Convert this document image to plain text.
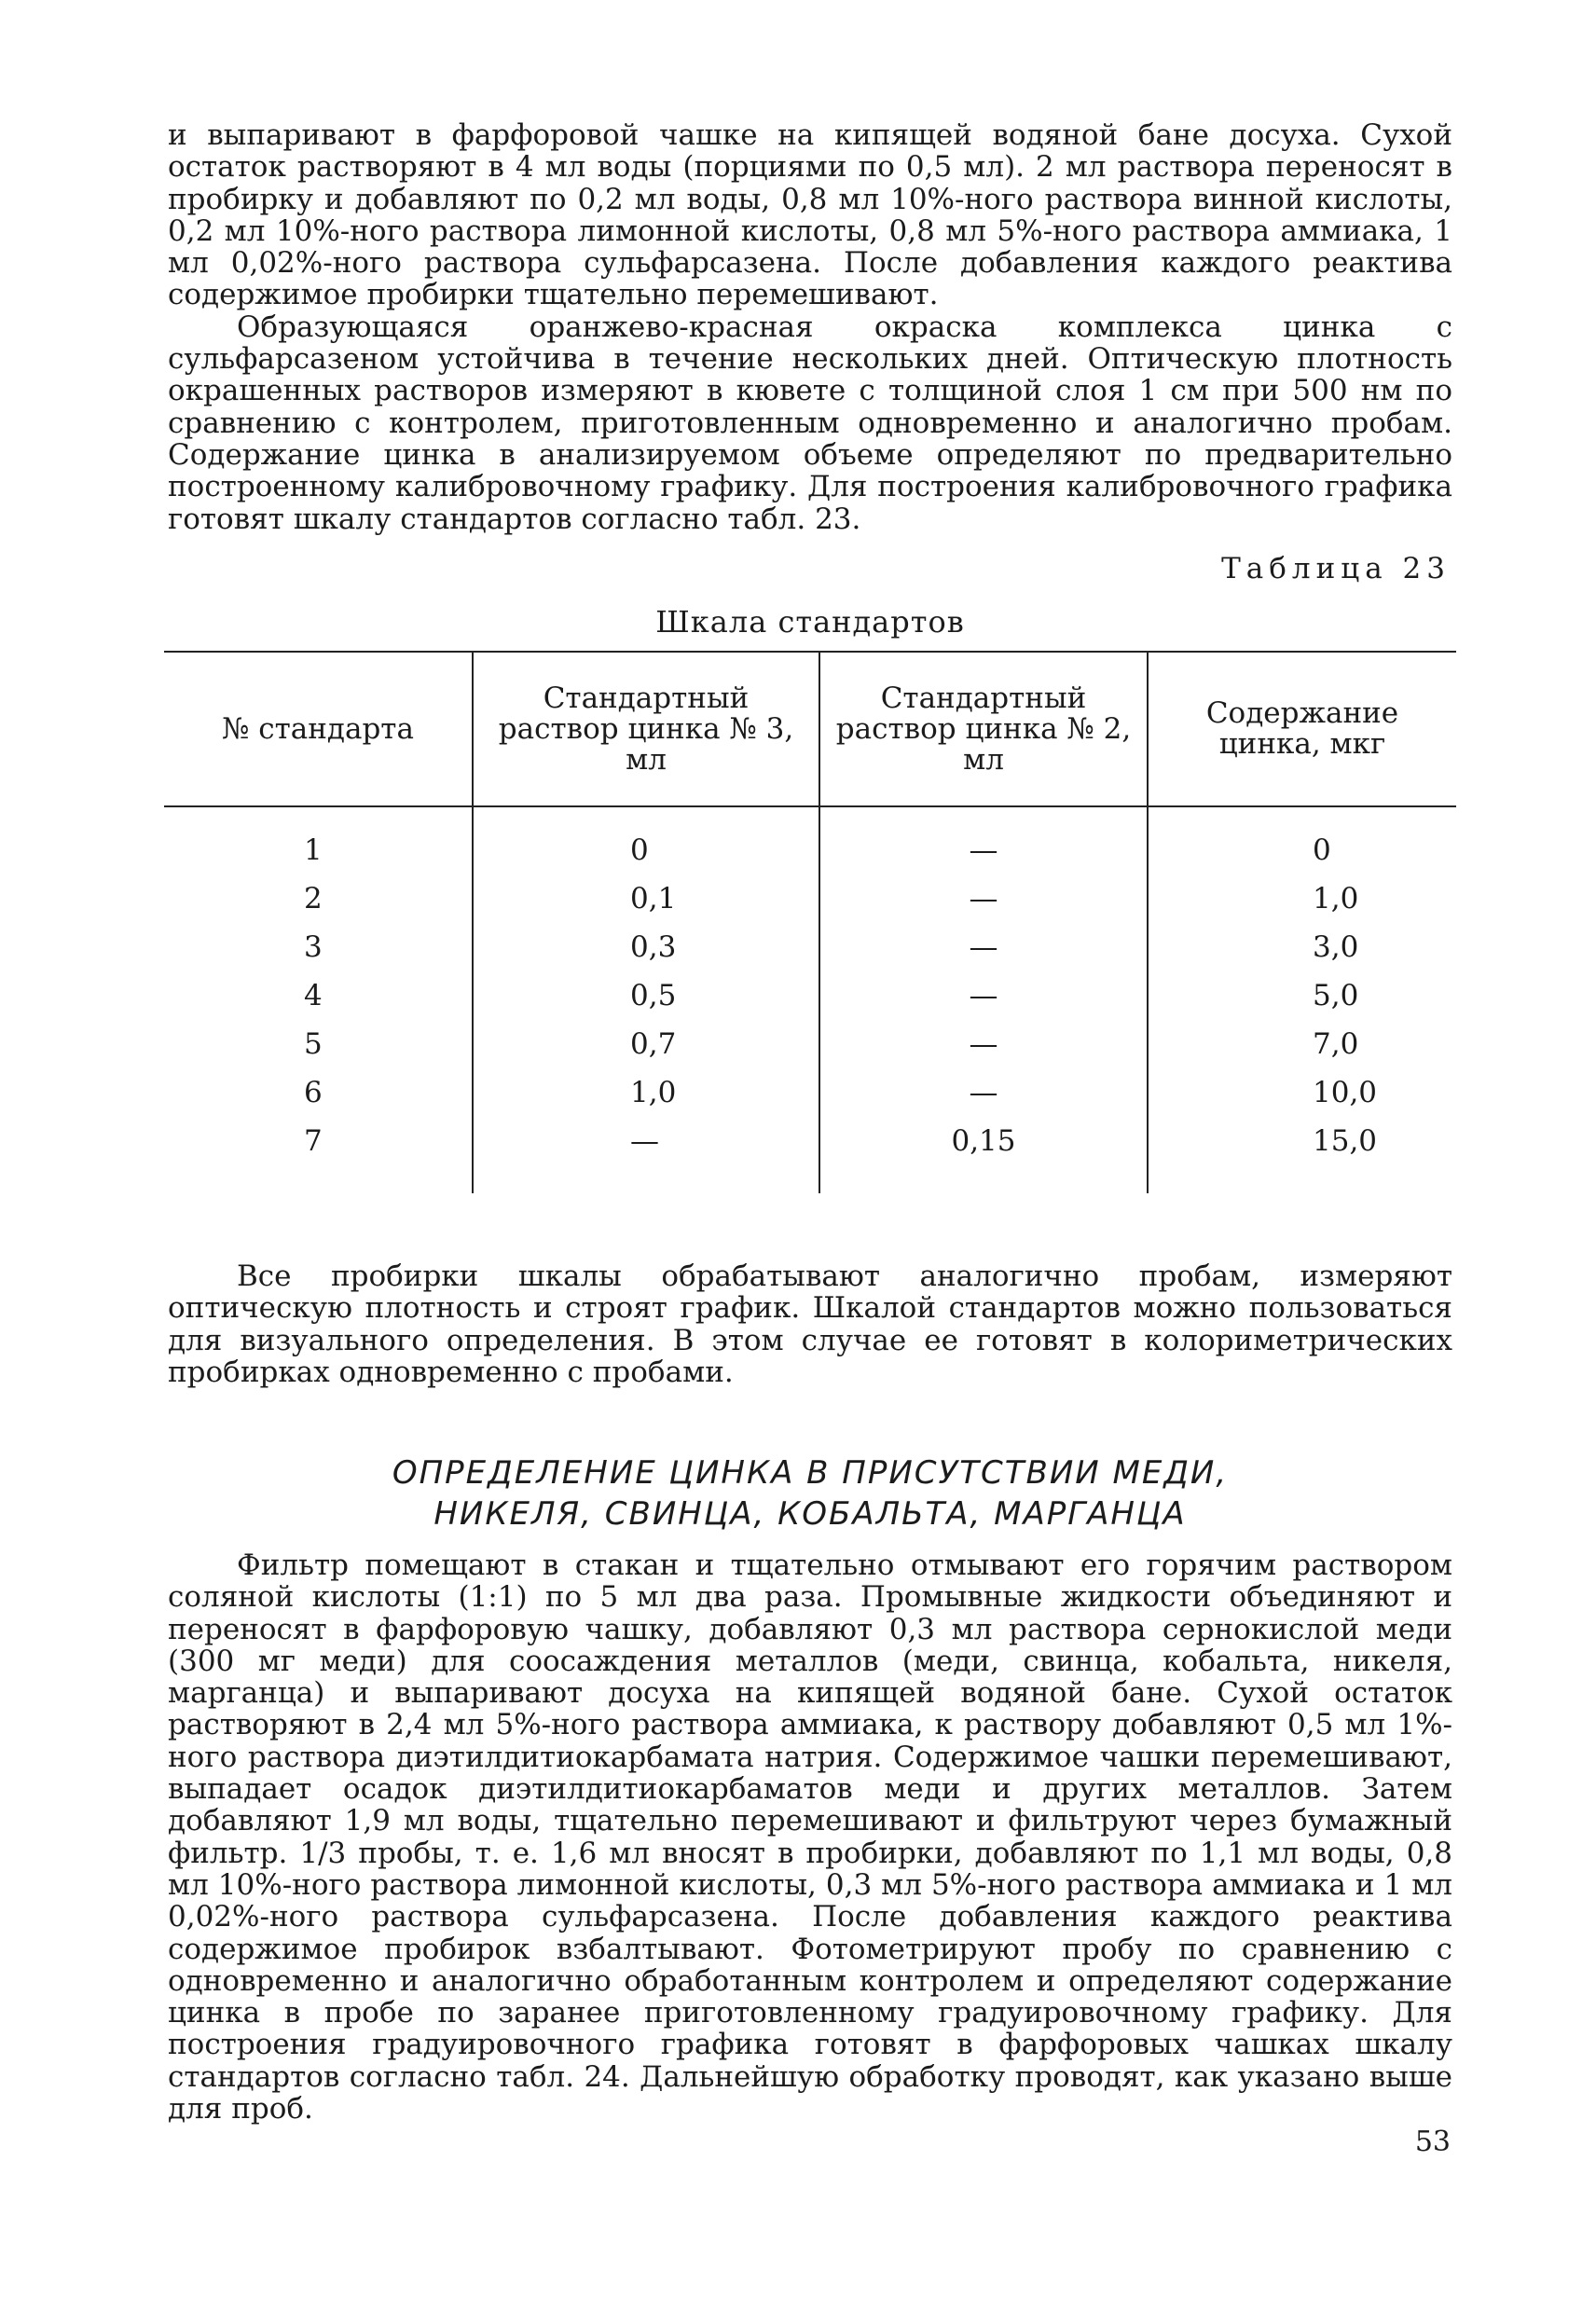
и выпаривают в фарфоровой чашке на кипящей водяной бане досуха. Сухой остаток растворяют в 4 мл воды (порциями по 0,5 мл). 2 мл раствора переносят в пробирку и добавляют по 0,2 мл воды, 0,8 мл 10%-ного раствора винной кислоты, 0,2 мл 10%-ного раствора лимонной кислоты, 0,8 мл 5%-ного раствора аммиака, 1 мл 0,02%-ного раствора сульфарсазена. После добавления каждого реактива содержимое пробирки тщательно перемешивают.

Образующаяся оранжево-красная окраска комплекса цинка с сульфарсазеном устойчива в течение нескольких дней. Оптическую плотность окрашенных растворов измеряют в кювете с толщиной слоя 1 см при 500 нм по сравнению с контролем, приготовленным одновременно и аналогично пробам. Содержание цинка в анализируемом объеме определяют по предварительно построенному калибровочному графику. Для построения калибровочного графика готовят шкалу стандартов согласно табл. 23.

Таблица 23
Шкала стандартов
№ стандарта	Стандартный раствор цинка № 3, мл	Стандартный раствор цинка № 2, мл	Содержание цинка, мкг
1	0	—	0
2	0,1	—	1,0
3	0,3	—	3,0
4	0,5	—	5,0
5	0,7	—	7,0
6	1,0	—	10,0
7	—	0,15	15,0

Все пробирки шкалы обрабатывают аналогично пробам, измеряют оптическую плотность и строят график. Шкалой стандартов можно пользоваться для визуального определения. В этом случае ее готовят в колориметрических пробирках одновременно с пробами.

ОПРЕДЕЛЕНИЕ ЦИНКА В ПРИСУТСТВИИ МЕДИ,
НИКЕЛЯ, СВИНЦА, КОБАЛЬТА, МАРГАНЦА

Фильтр помещают в стакан и тщательно отмывают его горячим раствором соляной кислоты (1:1) по 5 мл два раза. Промывные жидкости объединяют и переносят в фарфоровую чашку, добавляют 0,3 мл раствора сернокислой меди (300 мг меди) для соосаждения металлов (меди, свинца, кобальта, никеля, марганца) и выпаривают досуха на кипящей водяной бане. Сухой остаток растворяют в 2,4 мл 5%-ного раствора аммиака, к раствору добавляют 0,5 мл 1%-ного раствора диэтилдитиокарбамата натрия. Содержимое чашки перемешивают, выпадает осадок диэтилдитиокарбаматов меди и других металлов. Затем добавляют 1,9 мл воды, тщательно перемешивают и фильтруют через бумажный фильтр. 1/3 пробы, т. е. 1,6 мл вносят в пробирки, добавляют по 1,1 мл воды, 0,8 мл 10%-ного раствора лимонной кислоты, 0,3 мл 5%-ного раствора аммиака и 1 мл 0,02%-ного раствора сульфарсазена. После добавления каждого реактива содержимое пробирок взбалтывают. Фотометрируют пробу по сравнению с одновременно и аналогично обработанным контролем и определяют содержание цинка в пробе по заранее приготовленному градуировочному графику. Для построения градуировочного графика готовят в фарфоровых чашках шкалу стандартов согласно табл. 24. Дальнейшую обработку проводят, как указано выше для проб.

53
